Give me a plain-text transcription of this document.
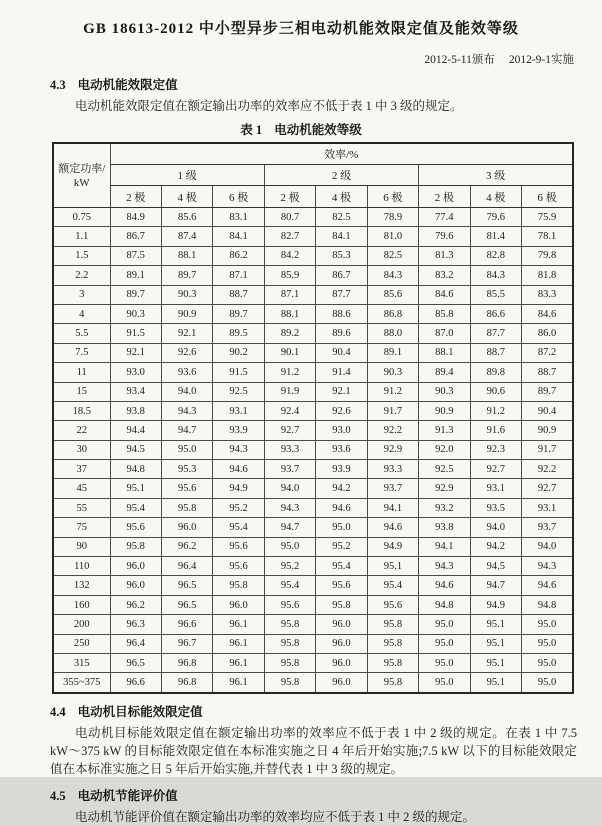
GB 18613-2012 中小型异步三相电动机能效限定值及能效等级
2012-5-11颁布 2012-9-1实施
4.3 电动机能效限定值

电动机能效限定值在额定输出功率的效率应不低于表 1 中 3 级的规定。

表 1 电动机能效等级
额定功率/
kW	效率/%								
	1 级			2 级			3 级		
	2 极	4 极	6 极	2 极	4 极	6 极	2 极	4 极	6 极
0.75	84.9	85.6	83.1	80.7	82.5	78.9	77.4	79.6	75.9
1.1	86.7	87.4	84.1	82.7	84.1	81.0	79.6	81.4	78.1
1.5	87.5	88.1	86.2	84.2	85.3	82.5	81.3	82.8	79.8
2.2	89.1	89.7	87.1	85.9	86.7	84.3	83.2	84.3	81.8
3	89.7	90.3	88.7	87.1	87.7	85.6	84.6	85.5	83.3
4	90.3	90.9	89.7	88.1	88.6	86.8	85.8	86.6	84.6
5.5	91.5	92.1	89.5	89.2	89.6	88.0	87.0	87.7	86.0
7.5	92.1	92.6	90.2	90.1	90.4	89.1	88.1	88.7	87.2
11	93.0	93.6	91.5	91.2	91.4	90.3	89.4	89.8	88.7
15	93.4	94.0	92.5	91.9	92.1	91.2	90.3	90.6	89.7
18.5	93.8	94.3	93.1	92.4	92.6	91.7	90.9	91.2	90.4
22	94.4	94.7	93.9	92.7	93.0	92.2	91.3	91.6	90.9
30	94.5	95.0	94.3	93.3	93.6	92.9	92.0	92.3	91.7
37	94.8	95.3	94.6	93.7	93.9	93.3	92.5	92.7	92.2
45	95.1	95.6	94.9	94.0	94.2	93.7	92.9	93.1	92.7
55	95.4	95.8	95.2	94.3	94.6	94.1	93.2	93.5	93.1
75	95.6	96.0	95.4	94.7	95.0	94.6	93.8	94.0	93.7
90	95.8	96.2	95.6	95.0	95.2	94.9	94.1	94.2	94.0
110	96.0	96.4	95.6	95.2	95.4	95.1	94.3	94.5	94.3
132	96.0	96.5	95.8	95.4	95.6	95.4	94.6	94.7	94.6
160	96.2	96.5	96.0	95.6	95.8	95.6	94.8	94.9	94.8
200	96.3	96.6	96.1	95.8	96.0	95.8	95.0	95.1	95.0
250	96.4	96.7	96.1	95.8	96.0	95.8	95.0	95.1	95.0
315	96.5	96.8	96.1	95.8	96.0	95.8	95.0	95.1	95.0
355~375	96.6	96.8	96.1	95.8	96.0	95.8	95.0	95.1	95.0
4.4 电动机目标能效限定值

电动机目标能效限定值在额定输出功率的效率应不低于表 1 中 2 级的规定。在表 1 中 7.5 kW～375 kW 的目标能效限定值在本标准实施之日 4 年后开始实施;7.5 kW 以下的目标能效限定值在本标准实施之日 5 年后开始实施,并替代表 1 中 3 级的规定。

4.5 电动机节能评价值

电动机节能评价值在额定输出功率的效率均应不低于表 1 中 2 级的规定。
